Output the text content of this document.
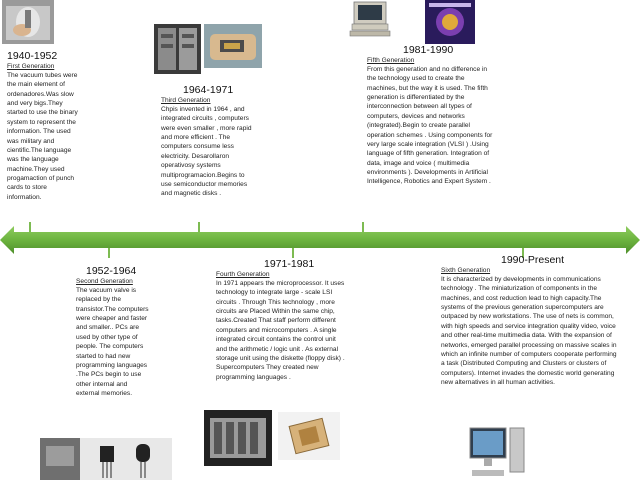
1940-1952
First Generation
The vacuum tubes were the main element of ordenadores.Was slow and very bigs.They started to use the binary system to represent the information. The used was military and cientific.The language was the language machine.They used progamaction of punch cards to store information.
1952-1964
Second Generation
The vacuum valve is replaced by the transistor.The computers were cheaper and faster and smaller.. PCs are used by other type of people. The computers started to had new programming languages .The PCs begin to use other internal and external memories.
1964-1971
Third Generation
Chpis invented in 1964 , and integrated circuits , computers were even smaller , more rapid and more efficient . The computers consume less electricity. Desarollaron operativosy systems multiprogramacion.Begins to use semiconductor memories and magnetic disks .
1971-1981
Fourth Generation
In 1971 appears the microprocessor. It uses technology to integrate large - scale LSI circuits . Through This technology , more circuits are Placed Within the same chip, tasks.Created That staff perform different computers and microcomputers . A single integrated circuit contains the control unit and the arithmetic / logic unit . As external storage unit using the diskette (floppy disk) . Supercomputers They created new programming languages .
1981-1990
Fifth Generation
From this generation and no difference in the technology used to create the machines, but the way it is used. The fifth generation is differentiated by the interconnection between all types of computers, devices and networks (integrated).Begin to create parallel operation schemes . Using components for very large scale integration (VLSI ) .Using language of fifth generation. Integration of data, image and voice ( multimedia environments ). Developments in Artificial Intelligence, Robotics and Expert System .
1990-Present
Sixth Generation
It is characterized by developments in communications technology . The miniaturization of components in the machines, and cost reduction lead to high capacity.The systems of the previous generation supercomputers are outpaced by new workstations. The use of nets is common, with high speeds and service integration quality video, voice and other real-time multimedia data. With the expansion of networks, emerged parallel processing on massive scales in which an infinite number of computers cooperate performing a task (Distributed Computing and Clusters or clusters of computers). Internet invades the domestic world generating new alternatives in all human activities.
